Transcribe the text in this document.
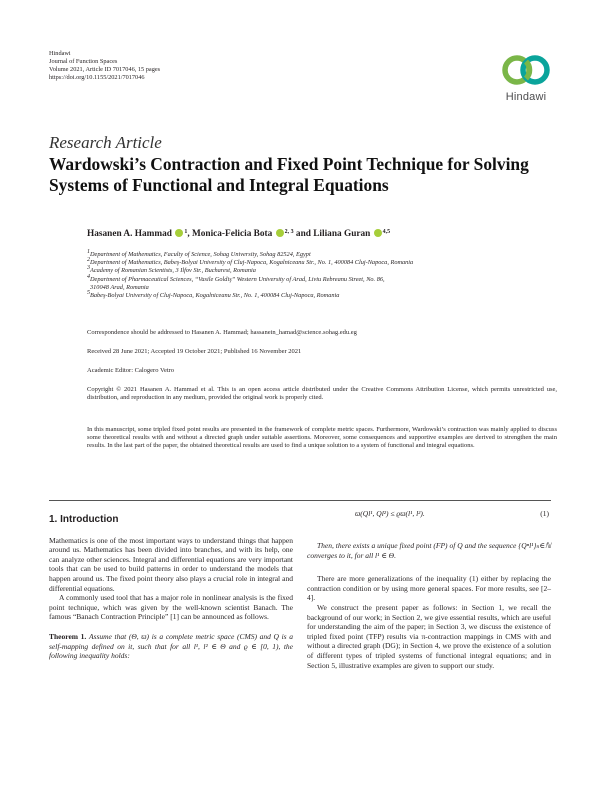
Hindawi
Journal of Function Spaces
Volume 2021, Article ID 7017046, 15 pages
https://doi.org/10.1155/2021/7017046
Hindawi
Research Article
Wardowski’s Contraction and Fixed Point Technique for Solving Systems of Functional and Integral Equations
Hasanen A. Hammad $^1$, Monica-Felicia Bota $^{2, 3}$ and Liliana Guran $^{4,5}$
$^1$Department of Mathematics, Faculty of Science, Sohag University, Sohag 82524, Egypt
$^2$Department of Mathematics, Babeş-Bolyai University of Cluj-Napoca, Kogalniceanu Str., No. 1, 400084 Cluj-Napoca, Romania
$^3$Academy of Romanian Scientists, 3 Ilfov Str., Bucharest, Romania
$^4$Department of Pharmaceutical Sciences, “Vasile Goldiş” Western University of Arad, Liviu Rebreanu Street, No. 86,
310048 Arad, Romania
$^5$Babeş-Bolyai University of Cluj-Napoca, Kogalniceanu Str., No. 1, 400084 Cluj-Napoca, Romania
Correspondence should be addressed to Hasanen A. Hammad; hassanein_hamad@science.sohag.edu.eg
Received 28 June 2021; Accepted 19 October 2021; Published 16 November 2021
Academic Editor: Calogero Vetro
Copyright © 2021 Hasanen A. Hammad et al. This is an open access article distributed under the Creative Commons Attribution License, which permits unrestricted use, distribution, and reproduction in any medium, provided the original work is properly cited.
In this manuscript, some tripled fixed point results are presented in the framework of complete metric spaces. Furthermore, Wardowski’s contraction was mainly applied to discuss some theoretical results with and without a directed graph under suitable assertions. Moreover, some consequences and supportive examples are derived to strengthen the main results. In the last part of the paper, the obtained theoretical results are used to find a unique solution to a system of functional and integral equations.
1. Introduction

Mathematics is one of the most important ways to understand things that happen around us. Mathematics has been divided into branches, and with its help, one can analyze other sciences. Integral and differential equations are very important tools that can be used to build patterns in order to understand the models that happen around us. The fixed point theory also plays a crucial role in integral and differential equations.

A commonly used tool that has a major role in nonlinear analysis is the fixed point technique, which was given by the well-known scientist Banach. The famous “Banach Contraction Principle” [1] can be announced as follows.

Theorem 1. Assume that (Θ, ϖ) is a complete metric space (CMS) and Q is a self-mapping defined on it, such that for all l¹, l² ∈ Θ and ϱ ∈ [0, 1), the following inequality holds:

ϖ(Ql¹, Ql²) ≤ ϱϖ(l¹, l²).	(1)

Then, there exists a unique fixed point (FP) of Q and the sequence {Qⁿl¹}ₙ∈ℕ converges to it, for all l¹ ∈ Θ.

There are more generalizations of the inequality (1) either by replacing the contraction condition or by using more general spaces. For more results, see [2–4].

We construct the present paper as follows: in Section 1, we recall the background of our work; in Section 2, we give essential results, which are useful for understanding the aim of the paper; in Section 3, we discuss the existence of tripled fixed point (TFP) results via π-contraction mappings in CMS with and without a directed graph (DG); in Section 4, we prove the existence of a solution of different types of tripled systems of functional integral equations; and in Section 5, illustrative examples are given to support our study.
